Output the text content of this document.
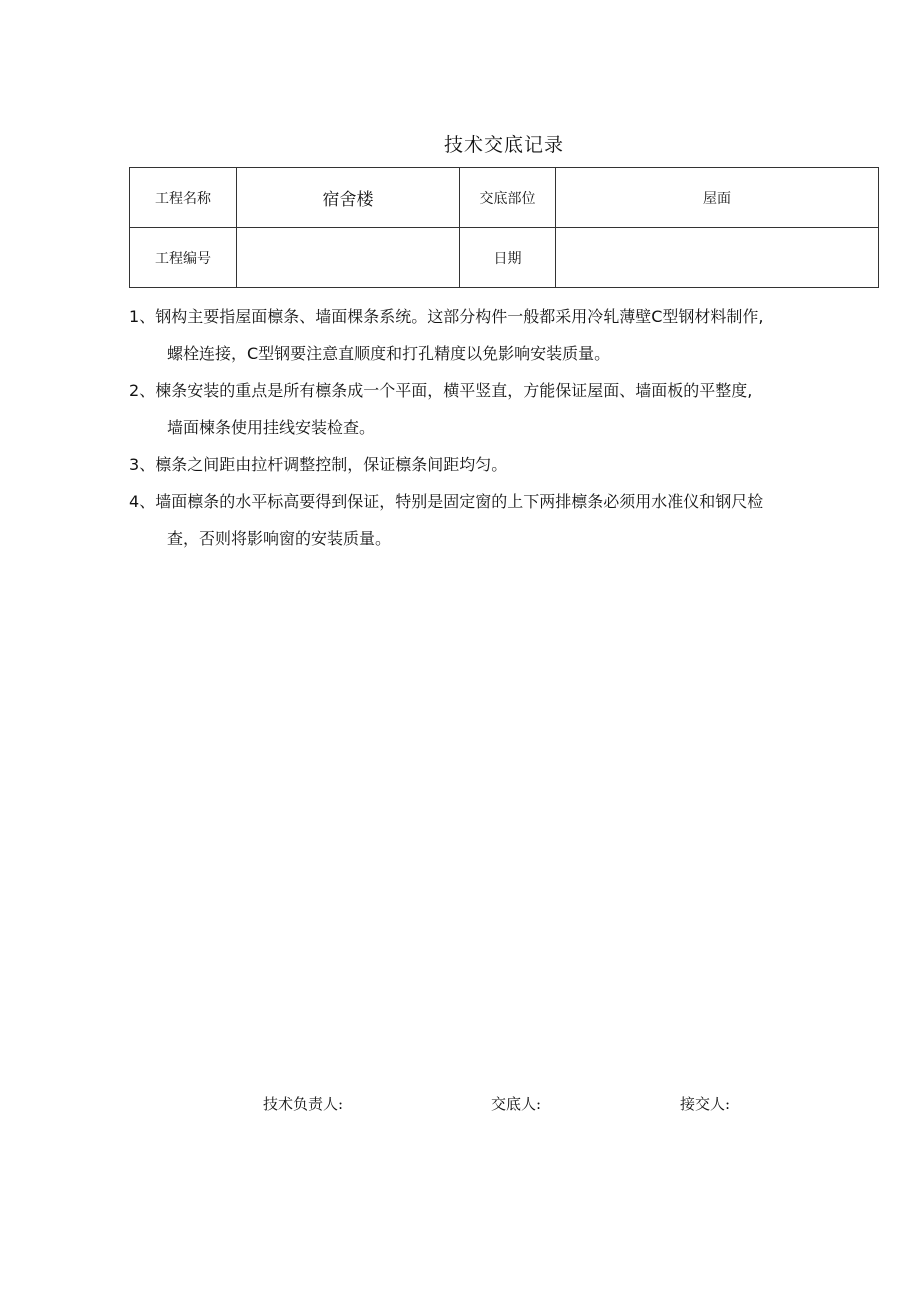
技术交底记录
工程名称	宿舍楼	交底部位	屋面
工程编号		日期	
1、钢构主要指屋面檩条、墙面棵条系统。这部分构件一般都采用冷轧薄壁C型钢材料制作,
螺栓连接，C型钢要注意直顺度和打孔精度以免影响安装质量。
2、楝条安装的重点是所有檩条成一个平面，横平竖直，方能保证屋面、墙面板的平整度,
墙面楝条使用挂线安装检查。
3、檩条之间距由拉杆调整控制，保证檩条间距均匀。
4、墙面檩条的水平标高要得到保证，特别是固定窗的上下两排檩条必须用水准仪和钢尺检
查，否则将影响窗的安装质量。
技术负责人:	交底人:	接交人:
